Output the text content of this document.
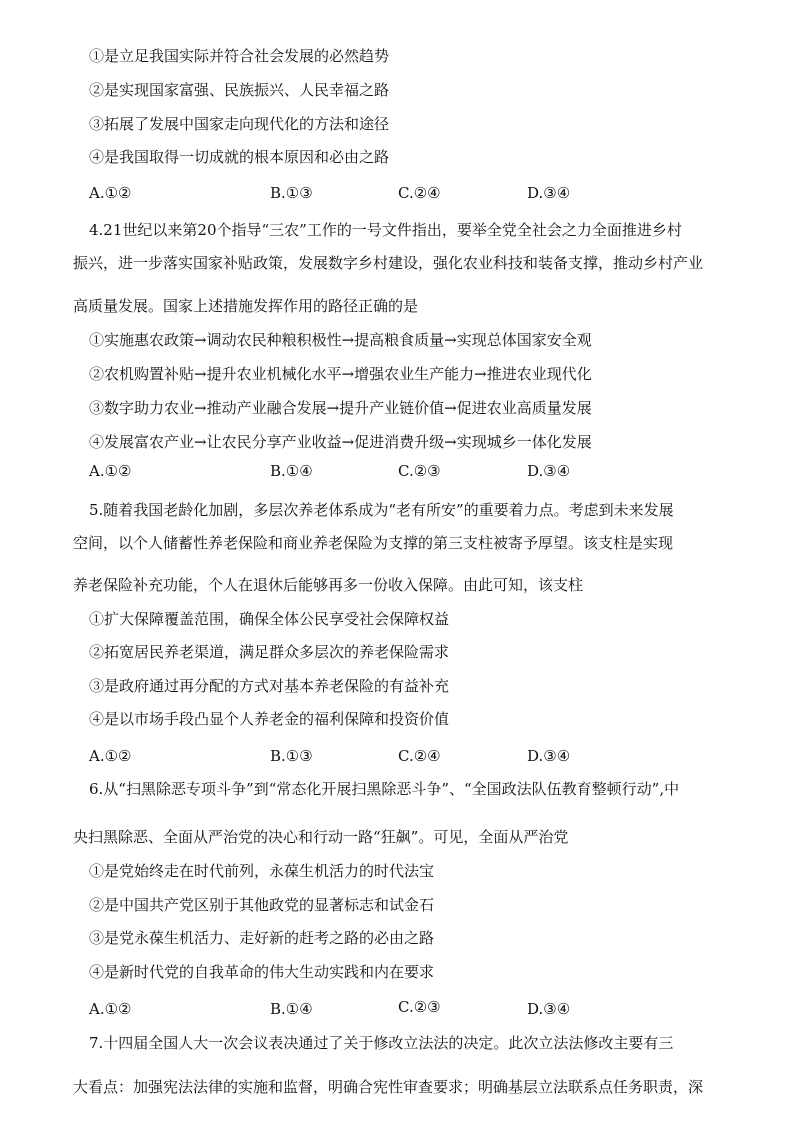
①是立足我国实际并符合社会发展的必然趋势
②是实现国家富强、民族振兴、人民幸福之路
③拓展了发展中国家走向现代化的方法和途径
④是我国取得一切成就的根本原因和必由之路
A.①②	B.①③	C.②④	D.③④
4.21世纪以来第20个指导“三农”工作的一号文件指出，要举全党全社会之力全面推进乡村
振兴，进一步落实国家补贴政策，发展数字乡村建设，强化农业科技和装备支撑，推动乡村产业
高质量发展。国家上述措施发挥作用的路径正确的是
①实施惠农政策→调动农民种粮积极性→提高粮食质量→实现总体国家安全观
②农机购置补贴→提升农业机械化水平→增强农业生产能力→推进农业现代化
③数字助力农业→推动产业融合发展→提升产业链价值→促进农业高质量发展
④发展富农产业→让农民分享产业收益→促进消费升级→实现城乡一体化发展
A.①②	B.①④	C.②③	D.③④
5.随着我国老龄化加剧，多层次养老体系成为“老有所安”的重要着力点。考虑到未来发展
空间，以个人储蓄性养老保险和商业养老保险为支撑的第三支柱被寄予厚望。该支柱是实现
养老保险补充功能，个人在退休后能够再多一份收入保障。由此可知，该支柱
①扩大保障覆盖范围，确保全体公民享受社会保障权益
②拓宽居民养老渠道，满足群众多层次的养老保险需求
③是政府通过再分配的方式对基本养老保险的有益补充
④是以市场手段凸显个人养老金的福利保障和投资价值
A.①②	B.①③	C.②④	D.③④
6.从“扫黑除恶专项斗争”到“常态化开展扫黑除恶斗争”、“全国政法队伍教育整顿行动”,中
央扫黑除恶、全面从严治党的决心和行动一路“狂飙”。可见，全面从严治党
①是党始终走在时代前列，永葆生机活力的时代法宝
②是中国共产党区别于其他政党的显著标志和试金石
③是党永葆生机活力、走好新的赶考之路的必由之路
④是新时代党的自我革命的伟大生动实践和内在要求
A.①②	B.①④	C.②③	D.③④
7.十四届全国人大一次会议表决通过了关于修改立法法的决定。此次立法法修改主要有三
大看点：加强宪法法律的实施和监督，明确合宪性审查要求；明确基层立法联系点任务职责，深
